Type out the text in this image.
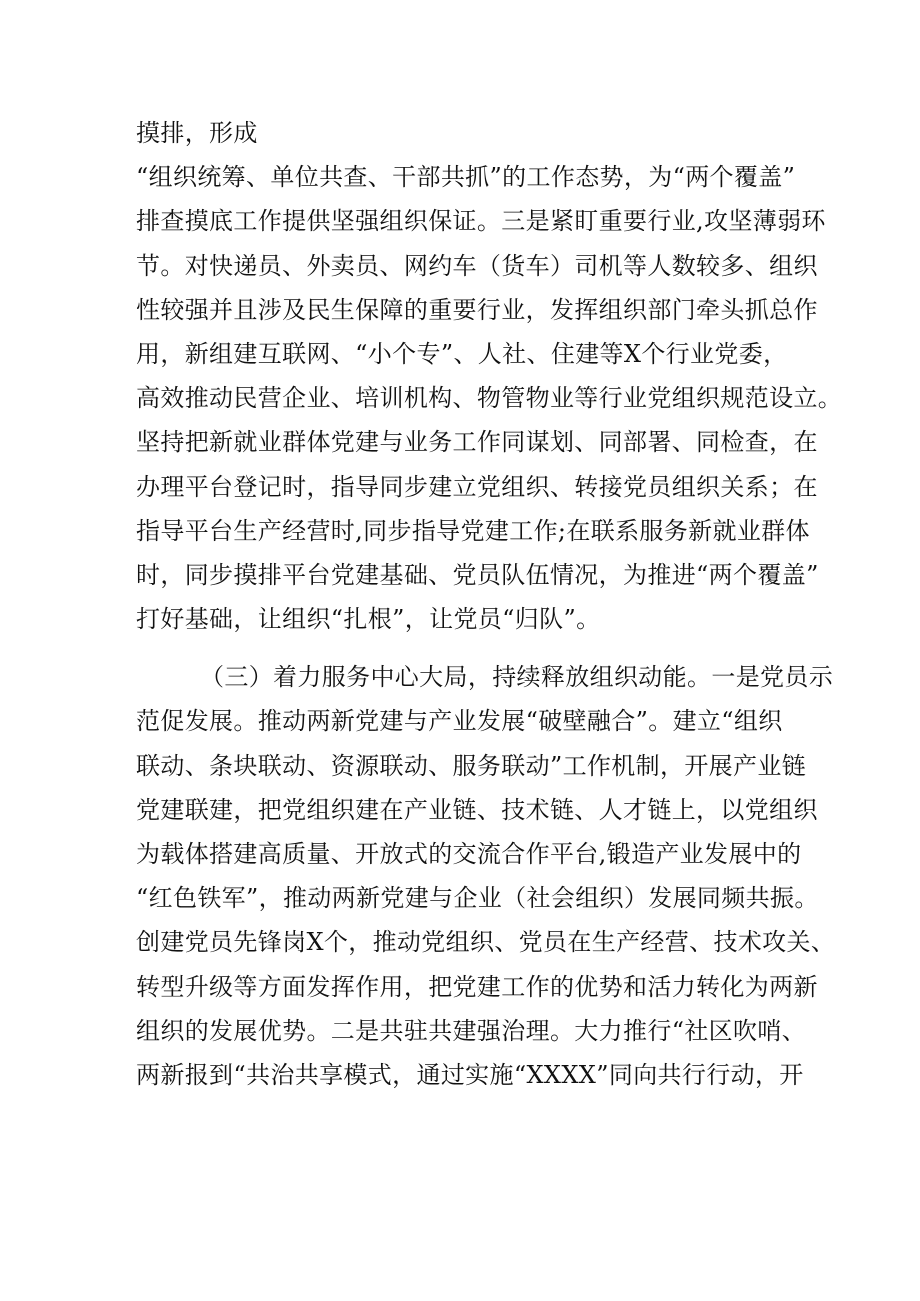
摸排，形成
“组织统筹、单位共查、干部共抓”的工作态势，为“两个覆盖”
排查摸底工作提供坚强组织保证。三是紧盯重要行业,攻坚薄弱环
节。对快递员、外卖员、网约车（货车）司机等人数较多、组织
性较强并且涉及民生保障的重要行业，发挥组织部门牵头抓总作
用，新组建互联网、“小个专”、人社、住建等X个行业党委，
高效推动民营企业、培训机构、物管物业等行业党组织规范设立。
坚持把新就业群体党建与业务工作同谋划、同部署、同检查，在
办理平台登记时，指导同步建立党组织、转接党员组织关系；在
指导平台生产经营时,同步指导党建工作;在联系服务新就业群体
时，同步摸排平台党建基础、党员队伍情况，为推进“两个覆盖”
打好基础，让组织“扎根”，让党员“归队”。
（三）着力服务中心大局，持续释放组织动能。一是党员示
范促发展。推动两新党建与产业发展“破壁融合”。建立“组织
联动、条块联动、资源联动、服务联动”工作机制，开展产业链
党建联建，把党组织建在产业链、技术链、人才链上，以党组织
为载体搭建高质量、开放式的交流合作平台,锻造产业发展中的
“红色铁军”，推动两新党建与企业（社会组织）发展同频共振。
创建党员先锋岗X个，推动党组织、党员在生产经营、技术攻关、
转型升级等方面发挥作用，把党建工作的优势和活力转化为两新
组织的发展优势。二是共驻共建强治理。大力推行“社区吹哨、
两新报到“共治共享模式，通过实施“XXXX”同向共行行动，开
